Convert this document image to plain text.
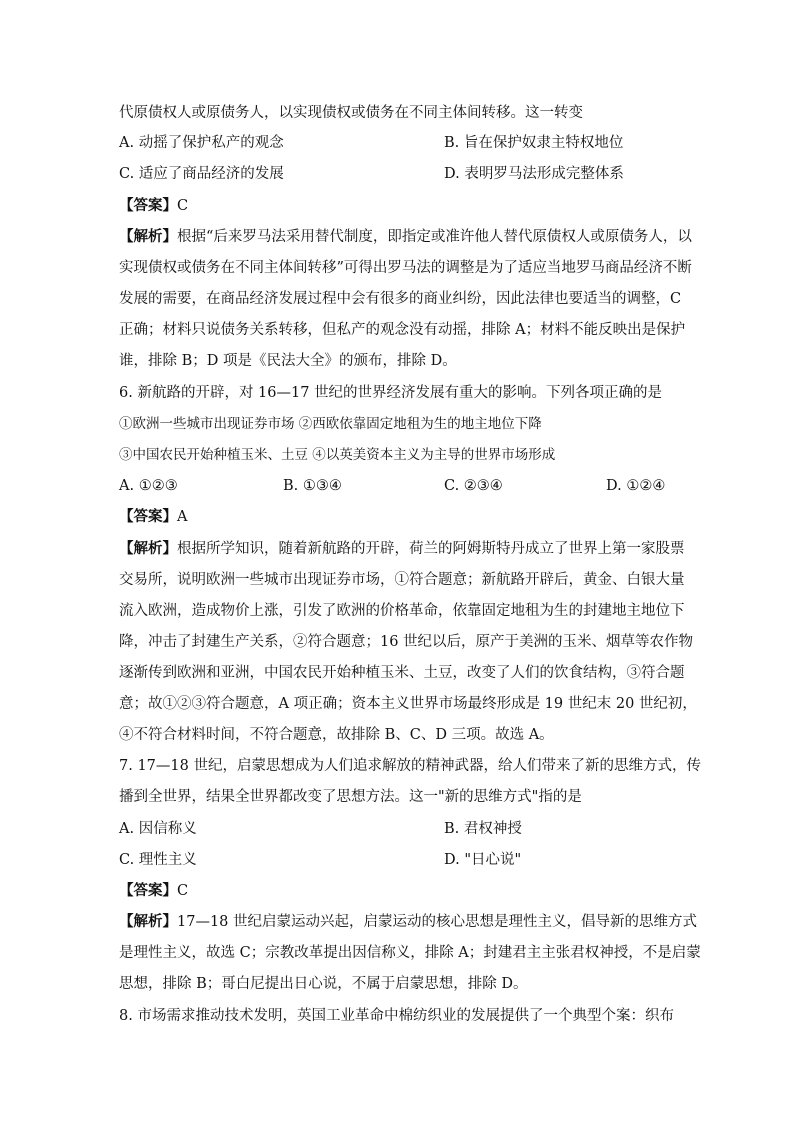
代原债权人或原债务人，以实现债权或债务在不同主体间转移。这一转变
A. 动摇了保护私产的观念	B. 旨在保护奴隶主特权地位
C. 适应了商品经济的发展	D. 表明罗马法形成完整体系
【答案】C
【解析】根据“后来罗马法采用替代制度，即指定或准许他人替代原债权人或原债务人，以
实现债权或债务在不同主体间转移”可得出罗马法的调整是为了适应当地罗马商品经济不断
发展的需要，在商品经济发展过程中会有很多的商业纠纷，因此法律也要适当的调整，C
正确；材料只说债务关系转移，但私产的观念没有动摇，排除 A；材料不能反映出是保护
谁，排除 B；D 项是《民法大全》的颁布，排除 D。
6. 新航路的开辟，对 16—17 世纪的世界经济发展有重大的影响。下列各项正确的是
①欧洲一些城市出现证券市场 ②西欧依靠固定地租为生的地主地位下降
③中国农民开始种植玉米、土豆 ④以英美资本主义为主导的世界市场形成
A. ①②③	B. ①③④	C. ②③④	D. ①②④
【答案】A
【解析】根据所学知识，随着新航路的开辟，荷兰的阿姆斯特丹成立了世界上第一家股票
交易所，说明欧洲一些城市出现证券市场，①符合题意；新航路开辟后，黄金、白银大量
流入欧洲，造成物价上涨，引发了欧洲的价格革命，依靠固定地租为生的封建地主地位下
降，冲击了封建生产关系，②符合题意；16 世纪以后，原产于美洲的玉米、烟草等农作物
逐渐传到欧洲和亚洲，中国农民开始种植玉米、土豆，改变了人们的饮食结构，③符合题
意；故①②③符合题意，A 项正确；资本主义世界市场最终形成是 19 世纪末 20 世纪初，
④不符合材料时间，不符合题意，故排除 B、C、D 三项。故选 A。
7. 17—18 世纪，启蒙思想成为人们追求解放的精神武器，给人们带来了新的思维方式，传
播到全世界，结果全世界都改变了思想方法。这一"新的思维方式"指的是
A. 因信称义	B. 君权神授
C. 理性主义	D. "日心说"
【答案】C
【解析】17—18 世纪启蒙运动兴起，启蒙运动的核心思想是理性主义，倡导新的思维方式
是理性主义，故选 C；宗教改革提出因信称义，排除 A；封建君主主张君权神授，不是启蒙
思想，排除 B；哥白尼提出日心说，不属于启蒙思想，排除 D。
8. 市场需求推动技术发明，英国工业革命中棉纺织业的发展提供了一个典型个案：织布
